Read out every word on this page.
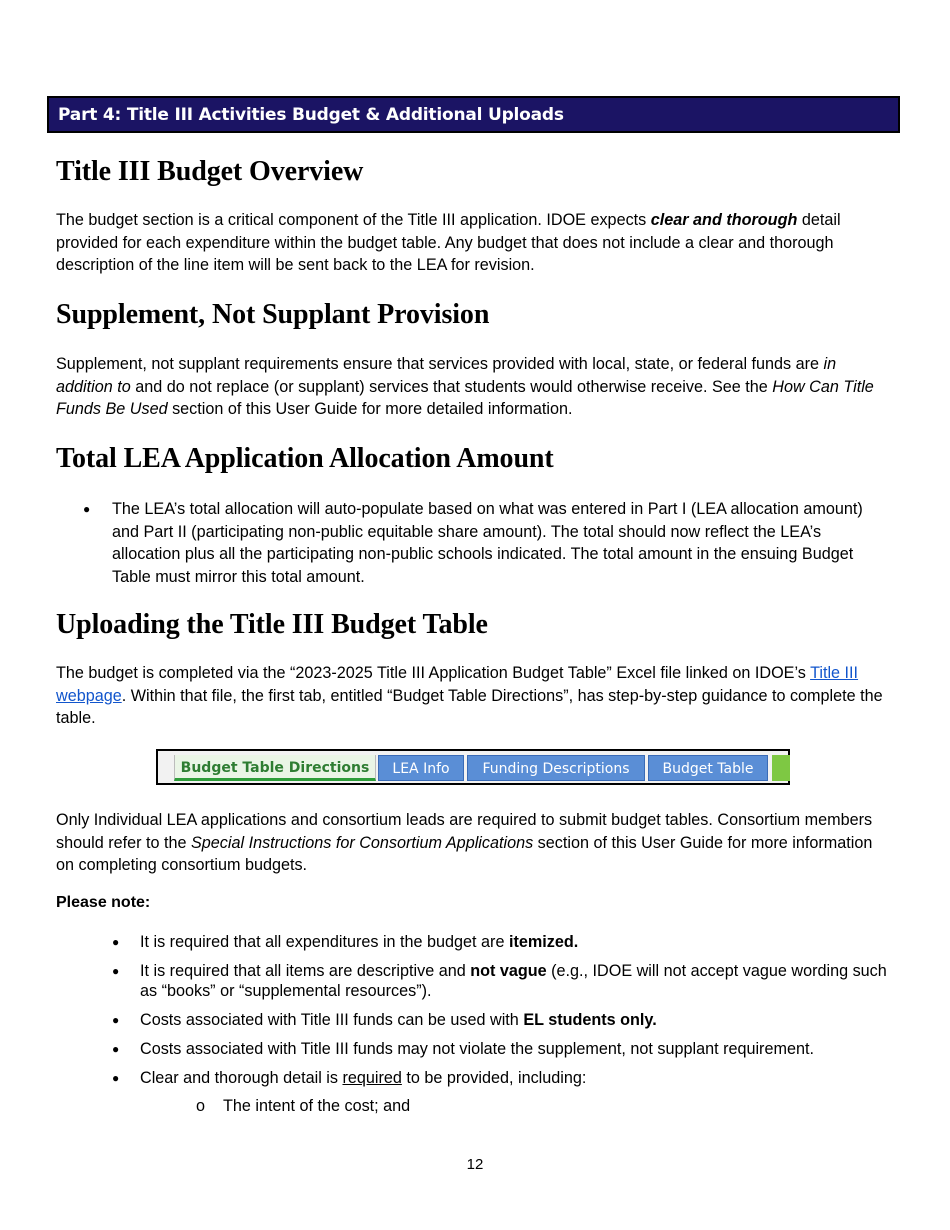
Part 4: Title III Activities Budget & Additional Uploads
Title III Budget Overview

The budget section is a critical component of the Title III application. IDOE expects clear and thorough detail provided for each expenditure within the budget table. Any budget that does not include a clear and thorough description of the line item will be sent back to the LEA for revision.

Supplement, Not Supplant Provision

Supplement, not supplant requirements ensure that services provided with local, state, or federal funds are in addition to and do not replace (or supplant) services that students would otherwise receive. See the How Can Title Funds Be Used section of this User Guide for more detailed information.

Total LEA Application Allocation Amount
● The LEA’s total allocation will auto-populate based on what was entered in Part I (LEA allocation amount) and Part II (participating non-public equitable share amount). The total should now reflect the LEA’s allocation plus all the participating non-public schools indicated. The total amount in the ensuing Budget Table must mirror this total amount.
Uploading the Title III Budget Table

The budget is completed via the “2023-2025 Title III Application Budget Table” Excel file linked on IDOE’s Title III webpage. Within that file, the first tab, entitled “Budget Table Directions”, has step-by-step guidance to complete the table.

Budget Table Directions	LEA Info	Funding Descriptions	Budget Table

Only Individual LEA applications and consortium leads are required to submit budget tables. Consortium members should refer to the Special Instructions for Consortium Applications section of this User Guide for more information on completing consortium budgets.

Please note:

● It is required that all expenditures in the budget are itemized.
● It is required that all items are descriptive and not vague (e.g., IDOE will not accept vague wording such as “books” or “supplemental resources”).
● Costs associated with Title III funds can be used with EL students only.
● Costs associated with Title III funds may not violate the supplement, not supplant requirement.
● Clear and thorough detail is required to be provided, including:

o The intent of the cost; and

12
